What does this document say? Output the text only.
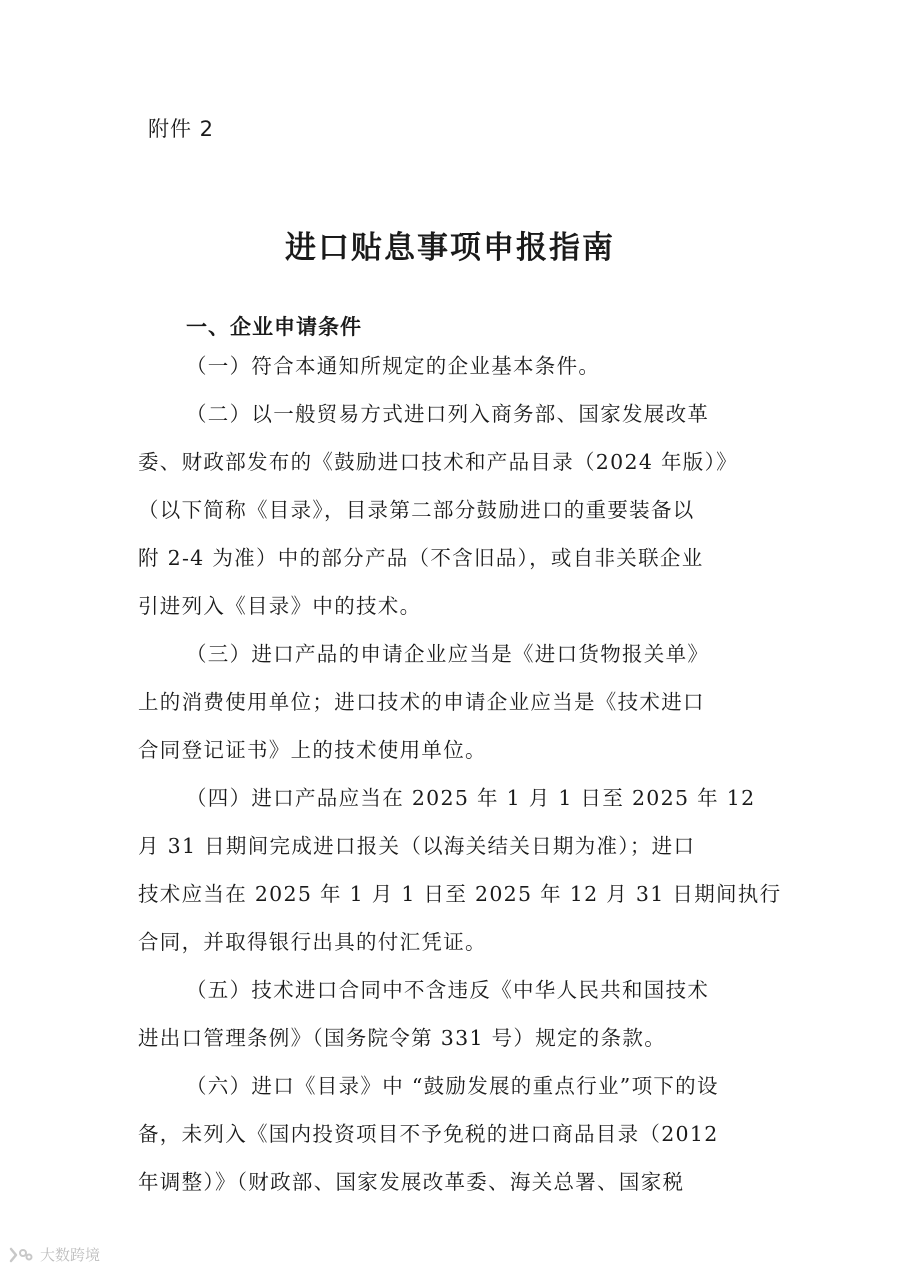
附件 2
进口贴息事项申报指南
一、企业申请条件
（一）符合本通知所规定的企业基本条件。
（二）以一般贸易方式进口列入商务部、国家发展改革
委、财政部发布的《鼓励进口技术和产品目录（2024 年版）》
（以下简称《目录》，目录第二部分鼓励进口的重要装备以
附 2-4 为准）中的部分产品（不含旧品），或自非关联企业
引进列入《目录》中的技术。
（三）进口产品的申请企业应当是《进口货物报关单》
上的消费使用单位；进口技术的申请企业应当是《技术进口
合同登记证书》上的技术使用单位。
（四）进口产品应当在 2025 年 1 月 1 日至 2025 年 12
月 31 日期间完成进口报关（以海关结关日期为准）；进口
技术应当在 2025 年 1 月 1 日至 2025 年 12 月 31 日期间执行
合同，并取得银行出具的付汇凭证。
（五）技术进口合同中不含违反《中华人民共和国技术
进出口管理条例》（国务院令第 331 号）规定的条款。
（六）进口《目录》中 “鼓励发展的重点行业”项下的设
备，未列入《国内投资项目不予免税的进口商品目录（2012
年调整）》（财政部、国家发展改革委、海关总署、国家税
大数跨境
